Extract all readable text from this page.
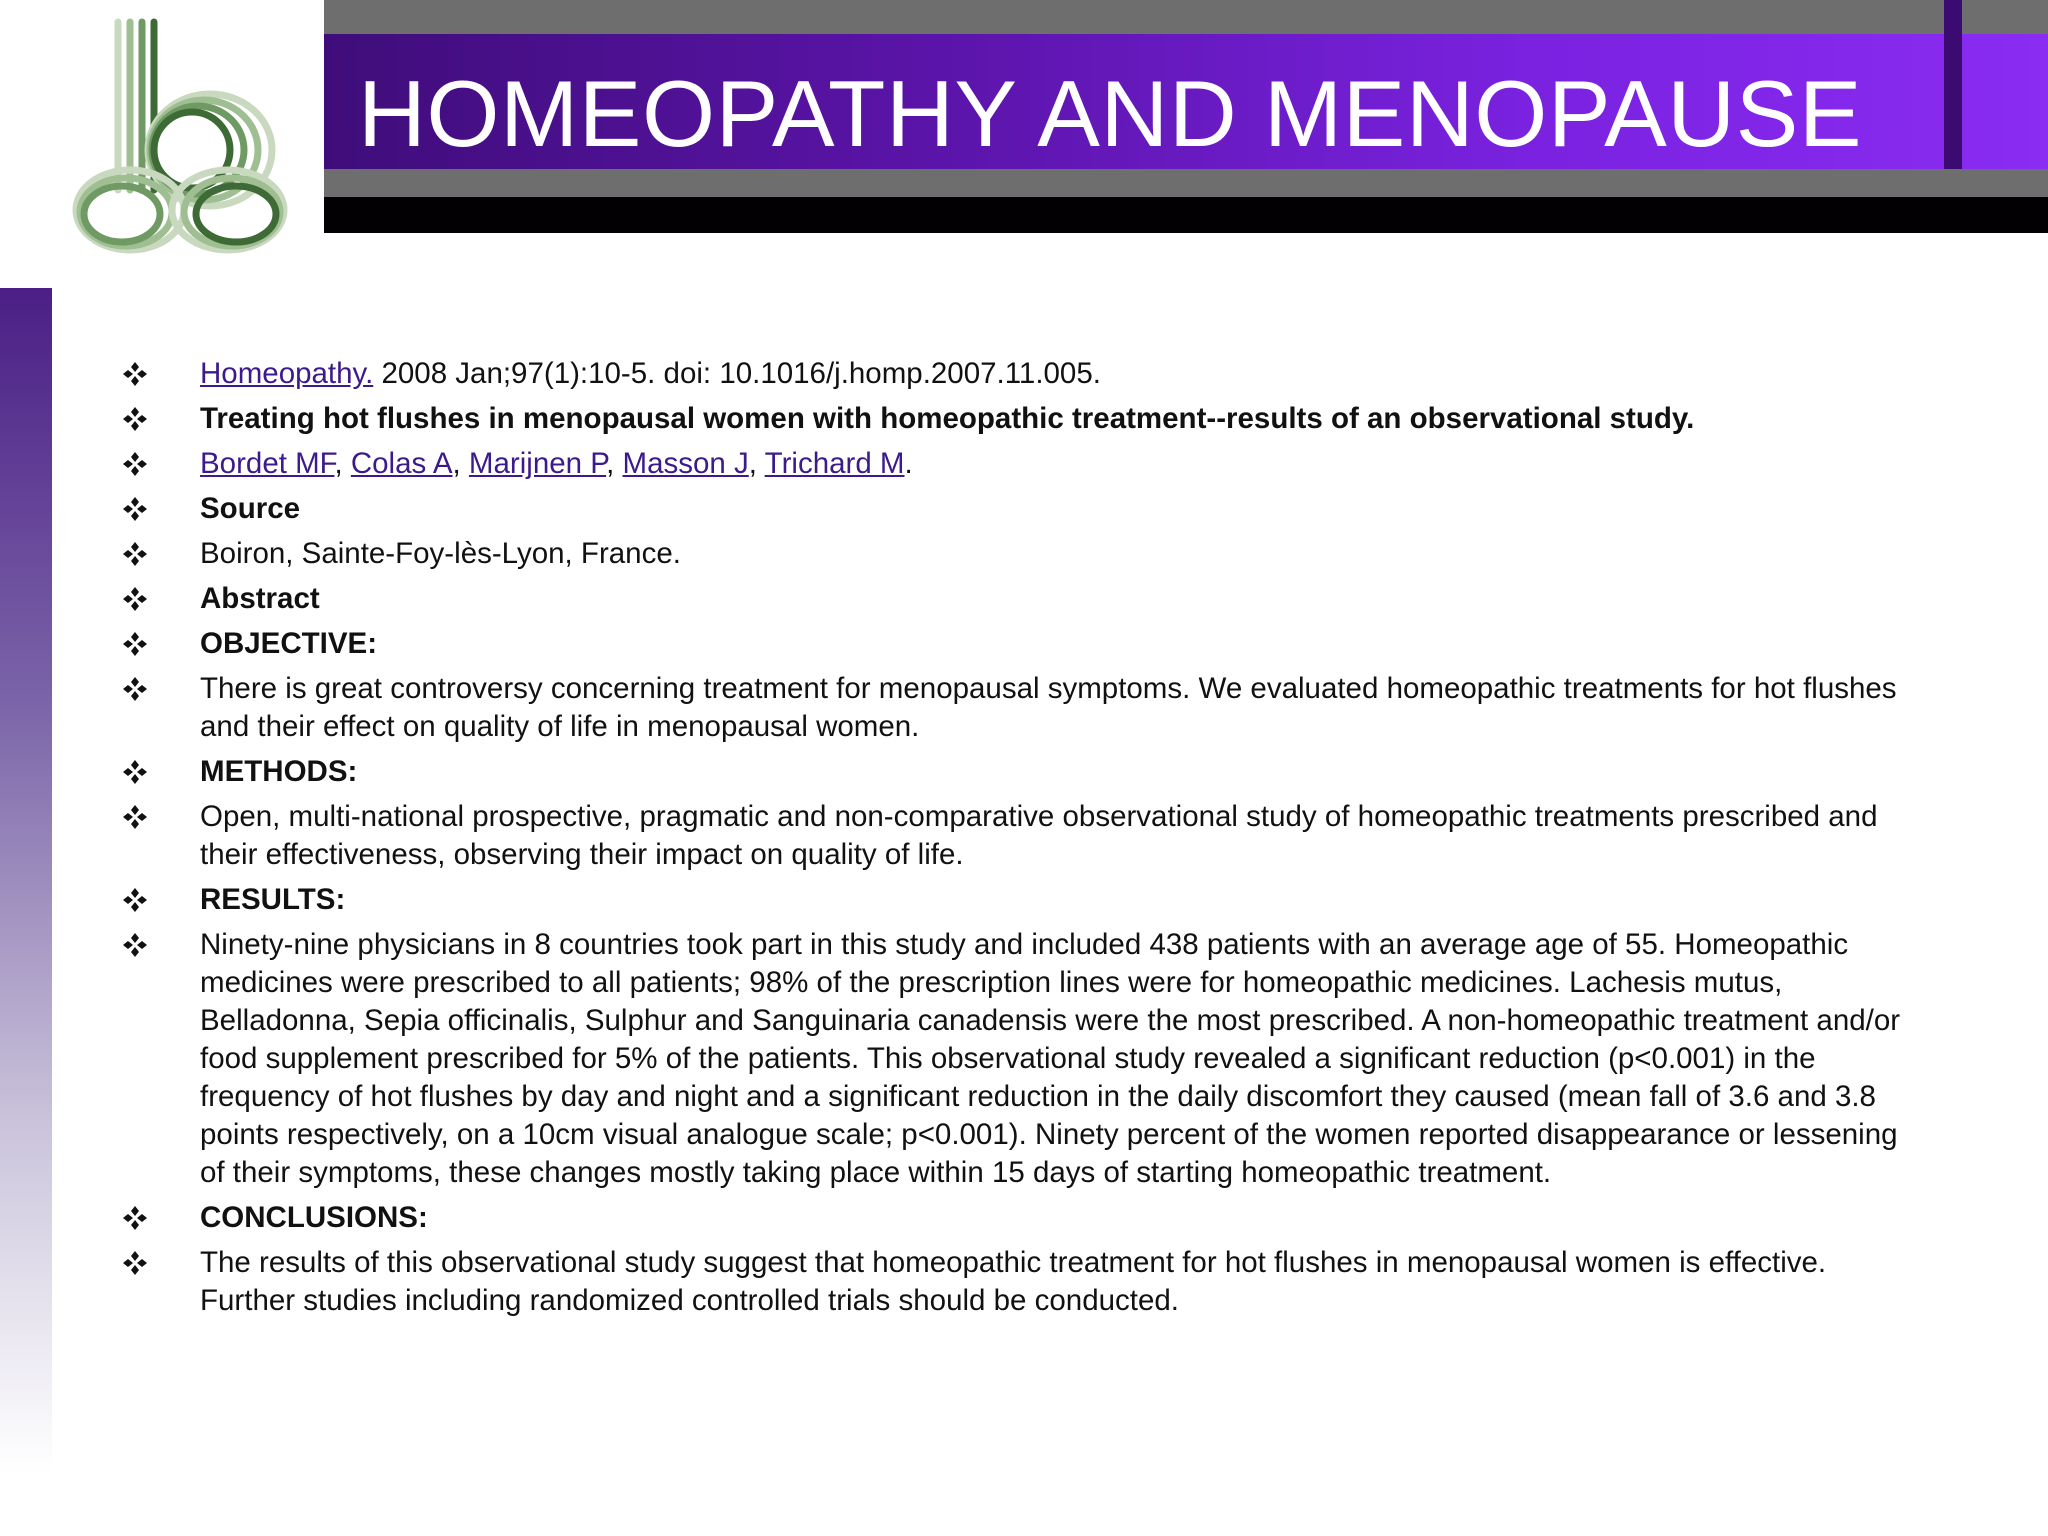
HOMEOPATHY AND MENOPAUSE
Homeopathy. 2008 Jan;97(1):10-5. doi: 10.1016/j.homp.2007.11.005.
Treating hot flushes in menopausal women with homeopathic treatment--results of an observational study.
Bordet MF, Colas A, Marijnen P, Masson J, Trichard M.
Source
Boiron, Sainte-Foy-lès-Lyon, France.
Abstract
OBJECTIVE:
There is great controversy concerning treatment for menopausal symptoms. We evaluated homeopathic treatments for hot flushes and their effect on quality of life in menopausal women.
METHODS:
Open, multi-national prospective, pragmatic and non-comparative observational study of homeopathic treatments prescribed and their effectiveness, observing their impact on quality of life.
RESULTS:
Ninety-nine physicians in 8 countries took part in this study and included 438 patients with an average age of 55. Homeopathic medicines were prescribed to all patients; 98% of the prescription lines were for homeopathic medicines. Lachesis mutus, Belladonna, Sepia officinalis, Sulphur and Sanguinaria canadensis were the most prescribed. A non-homeopathic treatment and/or food supplement prescribed for 5% of the patients. This observational study revealed a significant reduction (p<0.001) in the frequency of hot flushes by day and night and a significant reduction in the daily discomfort they caused (mean fall of 3.6 and 3.8 points respectively, on a 10cm visual analogue scale; p<0.001). Ninety percent of the women reported disappearance or lessening of their symptoms, these changes mostly taking place within 15 days of starting homeopathic treatment.
CONCLUSIONS:
The results of this observational study suggest that homeopathic treatment for hot flushes in menopausal women is effective. Further studies including randomized controlled trials should be conducted.
